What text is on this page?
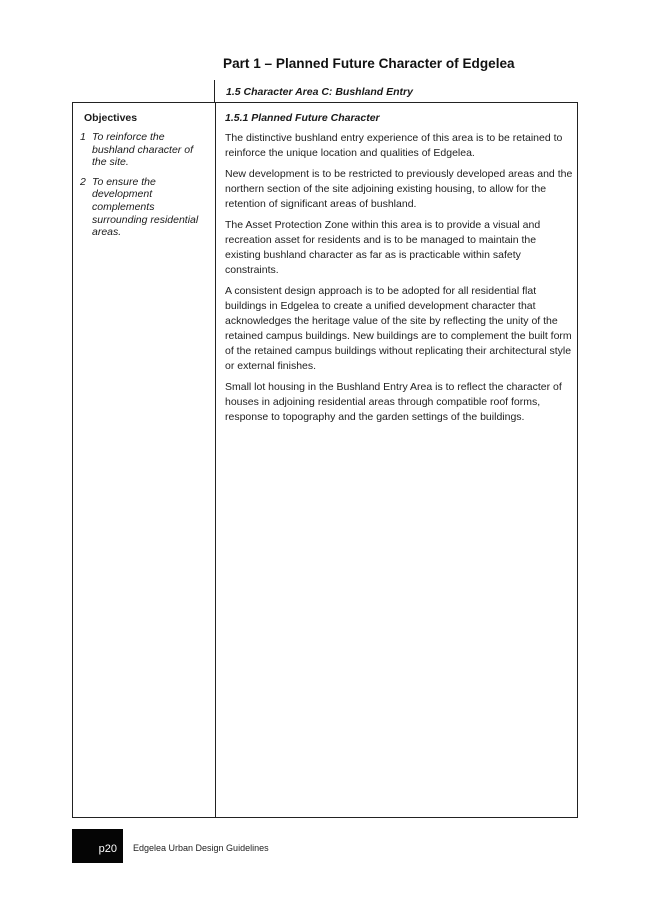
Part 1 – Planned Future Character of Edgelea
1.5 Character Area C: Bushland Entry
Objectives
1 To reinforce the bushland character of the site.
2 To ensure the development complements surrounding residential areas.
1.5.1 Planned Future Character

The distinctive bushland entry experience of this area is to be retained to reinforce the unique location and qualities of Edgelea.

New development is to be restricted to previously developed areas and the northern section of the site adjoining existing housing, to allow for the retention of significant areas of bushland.

The Asset Protection Zone within this area is to provide a visual and recreation asset for residents and is to be managed to maintain the existing bushland character as far as is practicable within safety constraints.

A consistent design approach is to be adopted for all residential flat buildings in Edgelea to create a unified development character that acknowledges the heritage value of the site by reflecting the unity of the retained campus buildings. New buildings are to complement the built form of the retained campus buildings without replicating their architectural style or external finishes.

Small lot housing in the Bushland Entry Area is to reflect the character of houses in adjoining residential areas through compatible roof forms, response to topography and the garden settings of the buildings.

p20 Edgelea Urban Design Guidelines
